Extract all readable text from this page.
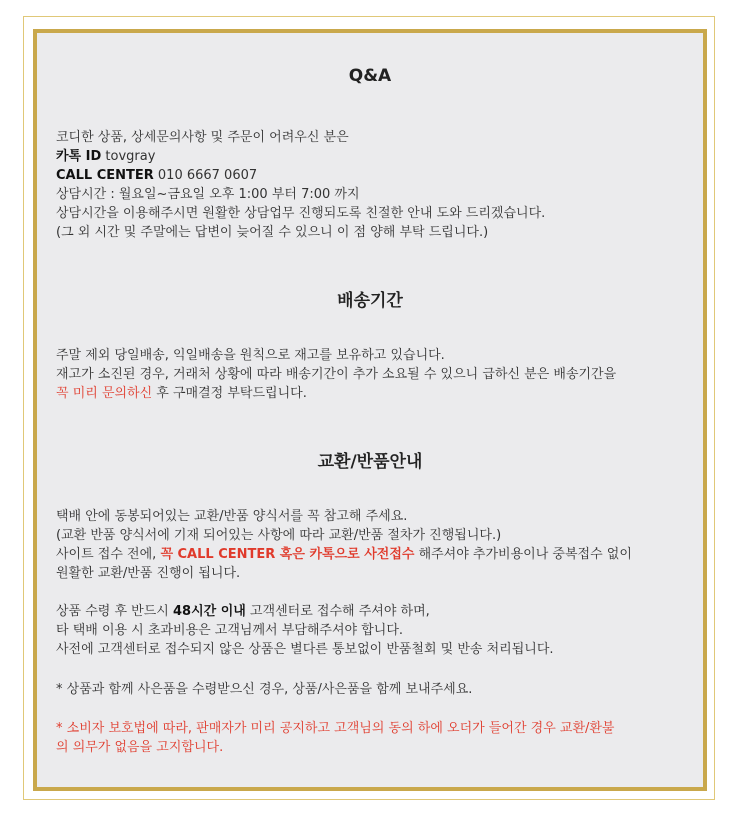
Q&A
코디한 상품, 상세문의사항 및 주문이 어려우신 분은
카톡 ID tovgray
CALL CENTER 010 6667 0607
상담시간 : 월요일~금요일 오후 1:00 부터 7:00 까지
상담시간을 이용해주시면 원활한 상담업무 진행되도록 친절한 안내 도와 드리겠습니다.
(그 외 시간 및 주말에는 답변이 늦어질 수 있으니 이 점 양해 부탁 드립니다.)
배송기간
주말 제외 당일배송, 익일배송을 원칙으로 재고를 보유하고 있습니다.
재고가 소진된 경우, 거래처 상황에 따라 배송기간이 추가 소요될 수 있으니 급하신 분은 배송기간을
꼭 미리 문의하신 후 구매결정 부탁드립니다.
교환/반품안내
택배 안에 동봉되어있는 교환/반품 양식서를 꼭 참고해 주세요.
(교환 반품 양식서에 기재 되어있는 사항에 따라 교환/반품 절차가 진행됩니다.)
사이트 접수 전에, 꼭 CALL CENTER 혹은 카톡으로 사전접수 해주셔야 추가비용이나 중복접수 없이
원활한 교환/반품 진행이 됩니다.
상품 수령 후 반드시 48시간 이내 고객센터로 접수해 주셔야 하며,
타 택배 이용 시 초과비용은 고객님께서 부담해주셔야 합니다.
사전에 고객센터로 접수되지 않은 상품은 별다른 통보없이 반품철회 및 반송 처리됩니다.
* 상품과 함께 사은품을 수령받으신 경우, 상품/사은품을 함께 보내주세요.
* 소비자 보호법에 따라, 판매자가 미리 공지하고 고객님의 동의 하에 오더가 들어간 경우 교환/환불
의 의무가 없음을 고지합니다.
